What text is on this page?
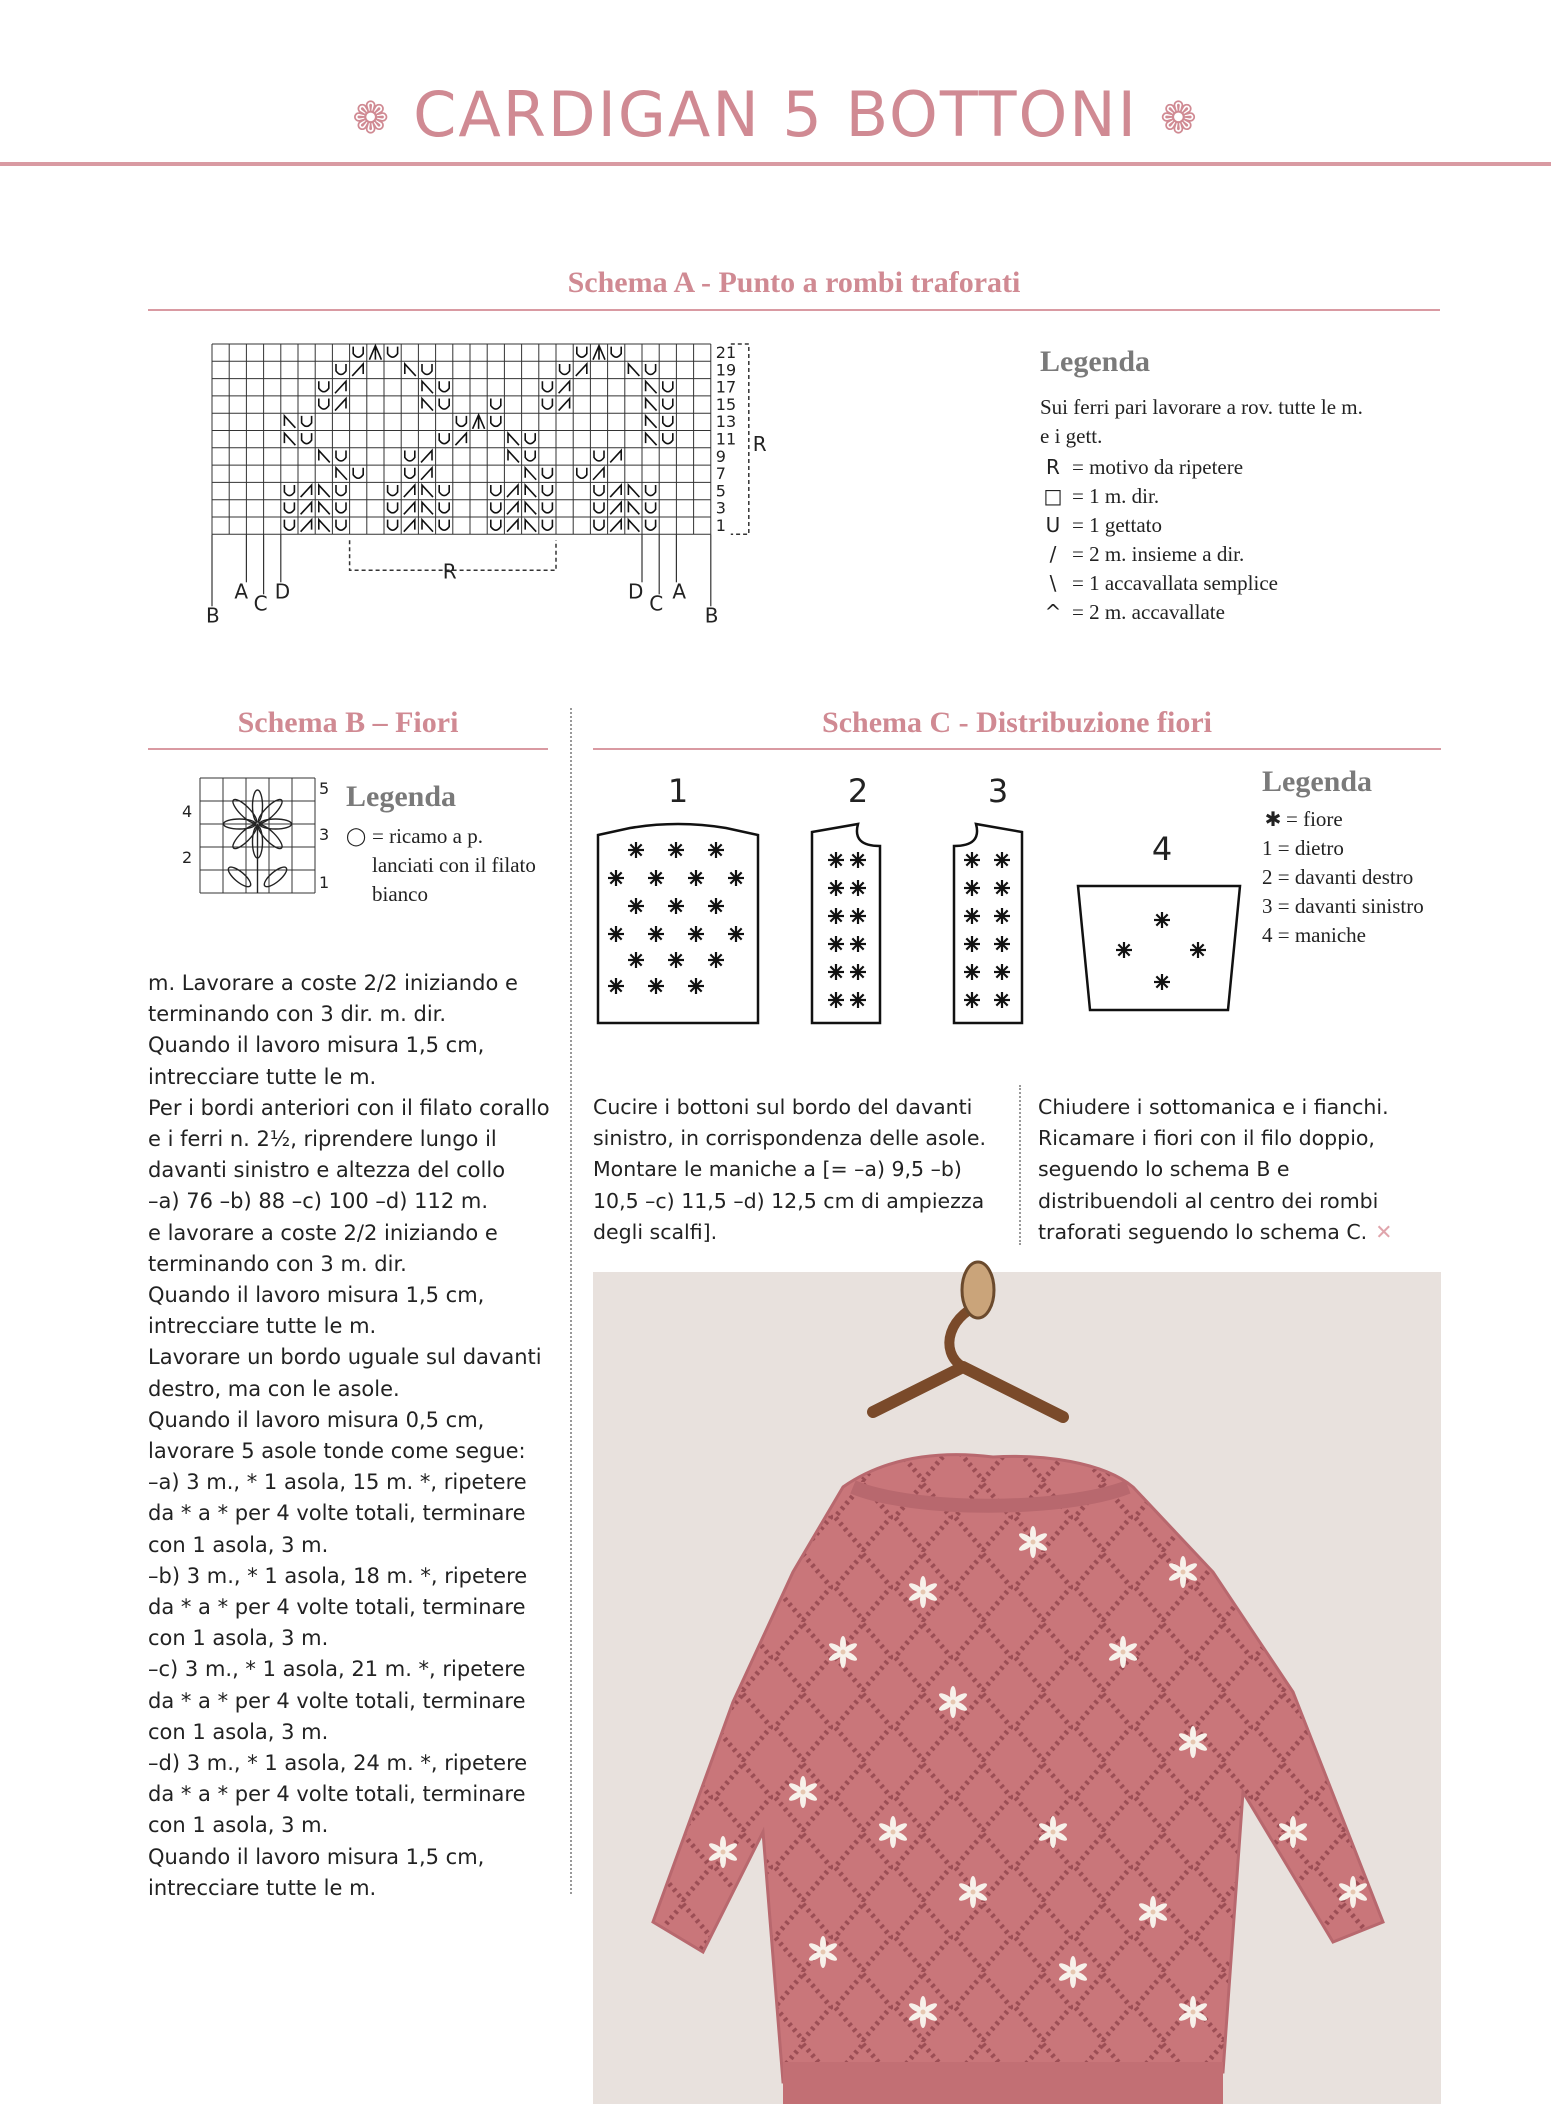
❁ CARDIGAN 5 BOTTONI ❁
Schema A - Punto a rombi traforati
21
19
17
15
13
11
9
7
5
3
1
R
R
B
A C D	D C A
B
Legenda
Sui ferri pari lavorare a rov. tutte le m. e i gett.
R = motivo da ripetere
□ = 1 m. dir.
U = 1 gettato
/ = 2 m. insieme a dir.
\ = 1 accavallata semplice
^ = 2 m. accavallate
Schema B – Fiori
5
3
1
4
2
Legenda
◯ = ricamo a p. lanciati con il filato bianco
Schema C - Distribuzione fiori
1	2	3
4
Legenda
✱ = fiore
1 = dietro
2 = davanti destro
3 = davanti sinistro
4 = maniche
m. Lavorare a coste 2/2 iniziando e
terminando con 3 dir. m. dir.
Quando il lavoro misura 1,5 cm,
intrecciare tutte le m.
Per i bordi anteriori con il filato corallo
e i ferri n. 2½, riprendere lungo il
davanti sinistro e altezza del collo
–a) 76 –b) 88 –c) 100 –d) 112 m.
e lavorare a coste 2/2 iniziando e
terminando con 3 m. dir.
Quando il lavoro misura 1,5 cm,
intrecciare tutte le m.
Lavorare un bordo uguale sul davanti
destro, ma con le asole.
Quando il lavoro misura 0,5 cm,
lavorare 5 asole tonde come segue:
–a) 3 m., * 1 asola, 15 m. *, ripetere
da * a * per 4 volte totali, terminare
con 1 asola, 3 m.
–b) 3 m., * 1 asola, 18 m. *, ripetere
da * a * per 4 volte totali, terminare
con 1 asola, 3 m.
–c) 3 m., * 1 asola, 21 m. *, ripetere
da * a * per 4 volte totali, terminare
con 1 asola, 3 m.
–d) 3 m., * 1 asola, 24 m. *, ripetere
da * a * per 4 volte totali, terminare
con 1 asola, 3 m.
Quando il lavoro misura 1,5 cm,
intrecciare tutte le m.
Cucire i bottoni sul bordo del davanti
sinistro, in corrispondenza delle asole.
Montare le maniche a [= –a) 9,5 –b)
10,5 –c) 11,5 –d) 12,5 cm di ampiezza
degli scalfi].
Chiudere i sottomanica e i fianchi.
Ricamare i fiori con il filo doppio,
seguendo lo schema B e
distribuendoli al centro dei rombi
traforati seguendo lo schema C. ✕
